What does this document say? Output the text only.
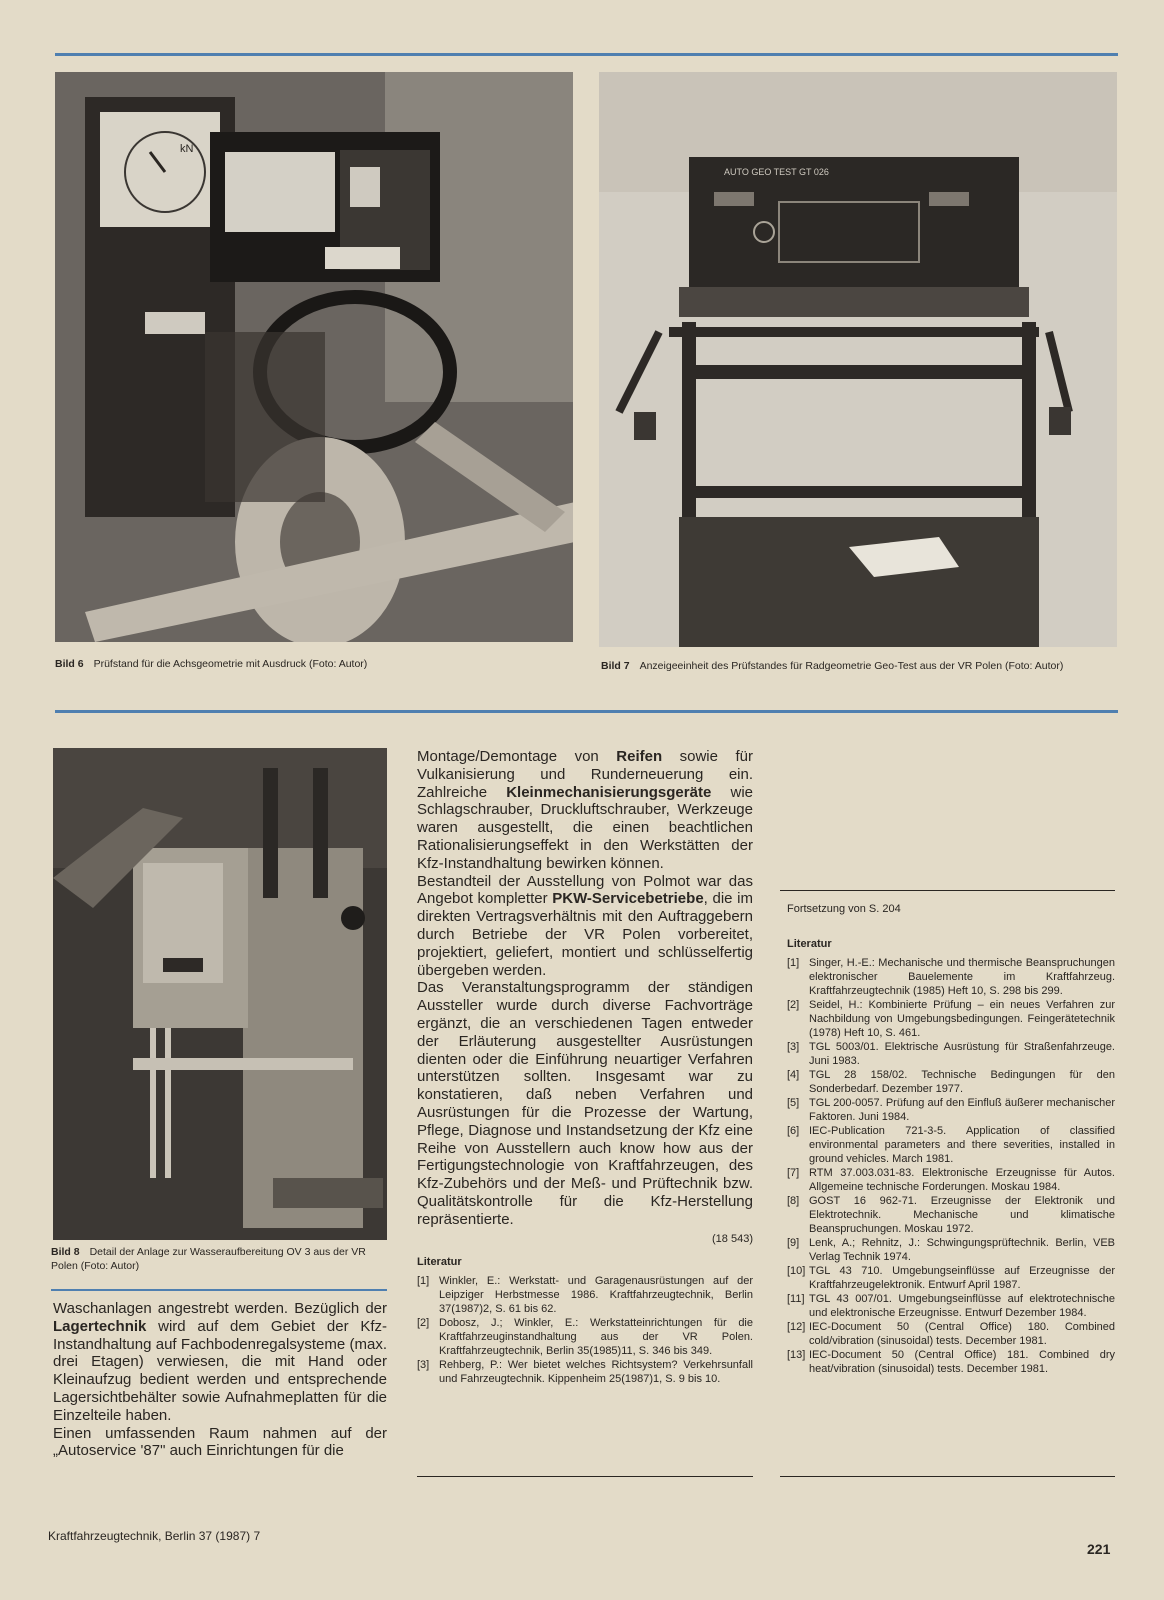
kN
AUTO GEO TEST GT 026
Bild 6 Prüfstand für die Achsgeometrie mit Ausdruck (Foto: Autor)	Bild 7 Anzeigeeinheit des Prüfstandes für Radgeometrie Geo-Test aus der VR Polen (Foto: Autor)
Bild 8 Detail der Anlage zur Wasseraufbereitung OV 3 aus der VR Polen (Foto: Autor)

Waschanlagen angestrebt werden. Bezüglich der Lagertechnik wird auf dem Gebiet der Kfz-Instandhaltung auf Fachbodenregalsysteme (max. drei Etagen) verwiesen, die mit Hand oder Kleinaufzug bedient werden und entsprechende Lagersichtbehälter sowie Aufnahmeplatten für die Einzelteile haben.

Einen umfassenden Raum nahmen auf der „Autoservice '87" auch Einrichtungen für die

Montage/Demontage von Reifen sowie für Vulkanisierung und Runderneuerung ein. Zahlreiche Kleinmechanisierungsgeräte wie Schlagschrauber, Druckluftschrauber, Werkzeuge waren ausgestellt, die einen beachtlichen Rationalisierungseffekt in den Werkstätten der Kfz-Instandhaltung bewirken können.

Bestandteil der Ausstellung von Polmot war das Angebot kompletter PKW-Servicebetriebe, die im direkten Vertragsverhältnis mit den Auftraggebern durch Betriebe der VR Polen vorbereitet, projektiert, geliefert, montiert und schlüsselfertig übergeben werden.

Das Veranstaltungsprogramm der ständigen Aussteller wurde durch diverse Fachvorträge ergänzt, die an verschiedenen Tagen entweder der Erläuterung ausgestellter Ausrüstungen dienten oder die Einführung neuartiger Verfahren unterstützen sollten. Insgesamt war zu konstatieren, daß neben Verfahren und Ausrüstungen für die Prozesse der Wartung, Pflege, Diagnose und Instandsetzung der Kfz eine Reihe von Ausstellern auch know how aus der Fertigungstechnologie von Kraftfahrzeugen, des Kfz-Zubehörs und der Meß- und Prüftechnik bzw. Qualitätskontrolle für die Kfz-Herstellung repräsentierte.

(18 543)
Literatur
[1] Winkler, E.: Werkstatt- und Garagenausrüstungen auf der Leipziger Herbstmesse 1986. Kraftfahrzeugtechnik, Berlin 37(1987)2, S. 61 bis 62.
[2] Dobosz, J.; Winkler, E.: Werkstatteinrichtungen für die Kraftfahrzeuginstandhaltung aus der VR Polen. Kraftfahrzeugtechnik, Berlin 35(1985)11, S. 346 bis 349.
[3] Rehberg, P.: Wer bietet welches Richtsystem? Verkehrsunfall und Fahrzeugtechnik. Kippenheim 25(1987)1, S. 9 bis 10.
Fortsetzung von S. 204
Literatur
[1] Singer, H.-E.: Mechanische und thermische Beanspruchungen elektronischer Bauelemente im Kraftfahrzeug. Kraftfahrzeugtechnik (1985) Heft 10, S. 298 bis 299.
[2] Seidel, H.: Kombinierte Prüfung – ein neues Verfahren zur Nachbildung von Umgebungsbedingungen. Feingerätetechnik (1978) Heft 10, S. 461.
[3] TGL 5003/01. Elektrische Ausrüstung für Straßenfahrzeuge. Juni 1983.
[4] TGL 28 158/02. Technische Bedingungen für den Sonderbedarf. Dezember 1977.
[5] TGL 200-0057. Prüfung auf den Einfluß äußerer mechanischer Faktoren. Juni 1984.
[6] IEC-Publication 721-3-5. Application of classified environmental parameters and there severities, installed in ground vehicles. March 1981.
[7] RTM 37.003.031-83. Elektronische Erzeugnisse für Autos. Allgemeine technische Forderungen. Moskau 1984.
[8] GOST 16 962-71. Erzeugnisse der Elektronik und Elektrotechnik. Mechanische und klimatische Beanspruchungen. Moskau 1972.
[9] Lenk, A.; Rehnitz, J.: Schwingungsprüftechnik. Berlin, VEB Verlag Technik 1974.
[10] TGL 43 710. Umgebungseinflüsse auf Erzeugnisse der Kraftfahrzeugelektronik. Entwurf April 1987.
[11] TGL 43 007/01. Umgebungseinflüsse auf elektrotechnische und elektronische Erzeugnisse. Entwurf Dezember 1984.
[12] IEC-Document 50 (Central Office) 180. Combined cold/vibration (sinusoidal) tests. December 1981.
[13] IEC-Document 50 (Central Office) 181. Combined dry heat/vibration (sinusoidal) tests. December 1981.
Kraftfahrzeugtechnik, Berlin 37 (1987) 7
221
